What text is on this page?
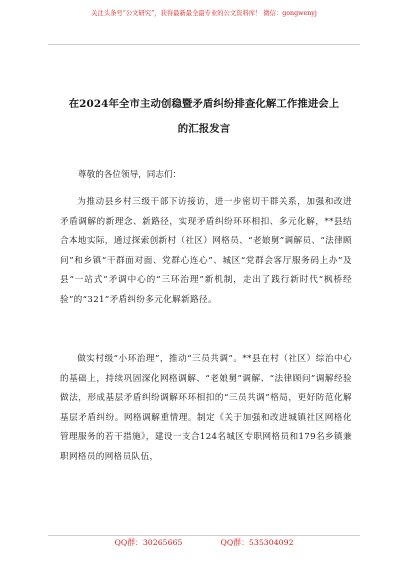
关注头条号“公文研究”，获得最新最全最专业的公文资料库！ 微信：gongwenyj
在2024年全市主动创稳暨矛盾纠纷排查化解工作推进会上
的汇报发言
尊敬的各位领导，同志们：

为推动县乡村三级干部下访接访，进一步密切干群关系，加强和改进矛盾调解的新理念、新路径，实现矛盾纠纷环环相扣、多元化解，**县结合本地实际，通过探索创新村（社区）网格员、“老娘舅”调解员、“法律顾问”和乡镇“干群面对面、党群心连心”、城区“党群会客厅服务码上办”及县“一站式”矛调中心的“三环治理”新机制，走出了践行新时代“枫桥经验”的“321”矛盾纠纷多元化解新路径。

做实村级“小环治理”，推动“三员共调”。**县在村（社区）综治中心的基础上，持续巩固深化网格调解、“老娘舅”调解、“法律顾问”调解经验做法，形成基层矛盾纠纷调解环环相扣的“三员共调”格局，更好防范化解基层矛盾纠纷。网格调解重情理。制定《关于加强和改进城镇社区网格化管理服务的若干措施》，建设一支合124名城区专职网格员和179名乡镇兼职网格员的网格员队伍，

QQ群：30265665	QQ群：535304092
